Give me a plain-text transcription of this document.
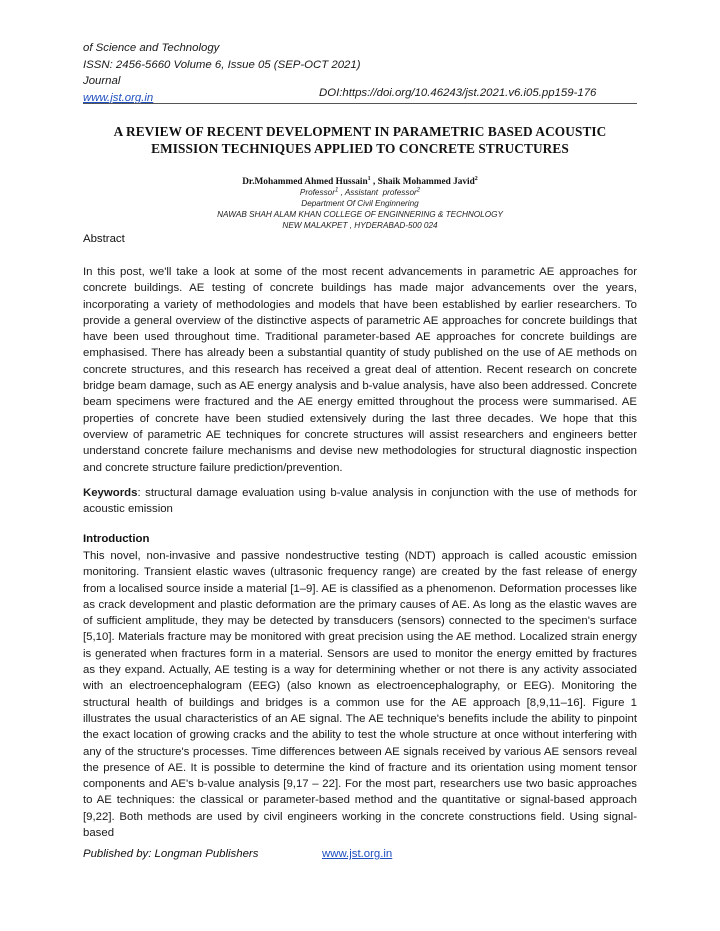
of Science and Technology
ISSN: 2456-5660 Volume 6, Issue 05 (SEP-OCT 2021)
Journal
www.jst.org.in	DOI:https://doi.org/10.46243/jst.2021.v6.i05.pp159-176
A REVIEW OF RECENT DEVELOPMENT IN PARAMETRIC BASED ACOUSTIC
EMISSION TECHNIQUES APPLIED TO CONCRETE STRUCTURES
Dr.Mohammed Ahmed Hussain$^1$ , Shaik Mohammed Javid$^2$
Professor$^1$ , Assistant  professor$^2$
Department Of Civil Enginnering
NAWAB SHAH ALAM KHAN COLLEGE OF ENGINNERING & TECHNOLOGY
NEW MALAKPET , HYDERABAD-500 024
Abstract
In this post, we'll take a look at some of the most recent advancements in parametric AE approaches for concrete buildings. AE testing of concrete buildings has made major advancements over the years, incorporating a variety of methodologies and models that have been established by earlier researchers. To provide a general overview of the distinctive aspects of parametric AE approaches for concrete buildings that have been used throughout time. Traditional parameter-based AE approaches for concrete buildings are emphasised. There has already been a substantial quantity of study published on the use of AE methods on concrete structures, and this research has received a great deal of attention. Recent research on concrete bridge beam damage, such as AE energy analysis and b-value analysis, have also been addressed. Concrete beam specimens were fractured and the AE energy emitted throughout the process were summarised. AE properties of concrete have been studied extensively during the last three decades. We hope that this overview of parametric AE techniques for concrete structures will assist researchers and engineers better understand concrete failure mechanisms and devise new methodologies for structural diagnostic inspection and concrete structure failure prediction/prevention.
Keywords: structural damage evaluation using b-value analysis in conjunction with the use of methods for acoustic emission
Introduction
This novel, non-invasive and passive nondestructive testing (NDT) approach is called acoustic emission monitoring. Transient elastic waves (ultrasonic frequency range) are created by the fast release of energy from a localised source inside a material [1–9]. AE is classified as a phenomenon. Deformation processes like as crack development and plastic deformation are the primary causes of AE. As long as the elastic waves are of sufficient amplitude, they may be detected by transducers (sensors) connected to the specimen's surface [5,10]. Materials fracture may be monitored with great precision using the AE method. Localized strain energy is generated when fractures form in a material. Sensors are used to monitor the energy emitted by fractures as they expand. Actually, AE testing is a way for determining whether or not there is any activity associated with an electroencephalogram (EEG) (also known as electroencephalography, or EEG). Monitoring the structural health of buildings and bridges is a common use for the AE approach [8,9,11–16]. Figure 1 illustrates the usual characteristics of an AE signal. The AE technique's benefits include the ability to pinpoint the exact location of growing cracks and the ability to test the whole structure at once without interfering with any of the structure's processes. Time differences between AE signals received by various AE sensors reveal the presence of AE. It is possible to determine the kind of fracture and its orientation using moment tensor components and AE's b-value analysis [9,17 – 22]. For the most part, researchers use two basic approaches to AE techniques: the classical or parameter-based method and the quantitative or signal-based approach [9,22]. Both methods are used by civil engineers working in the concrete constructions field. Using signal-based
Published by: Longman Publishers	www.jst.org.in
